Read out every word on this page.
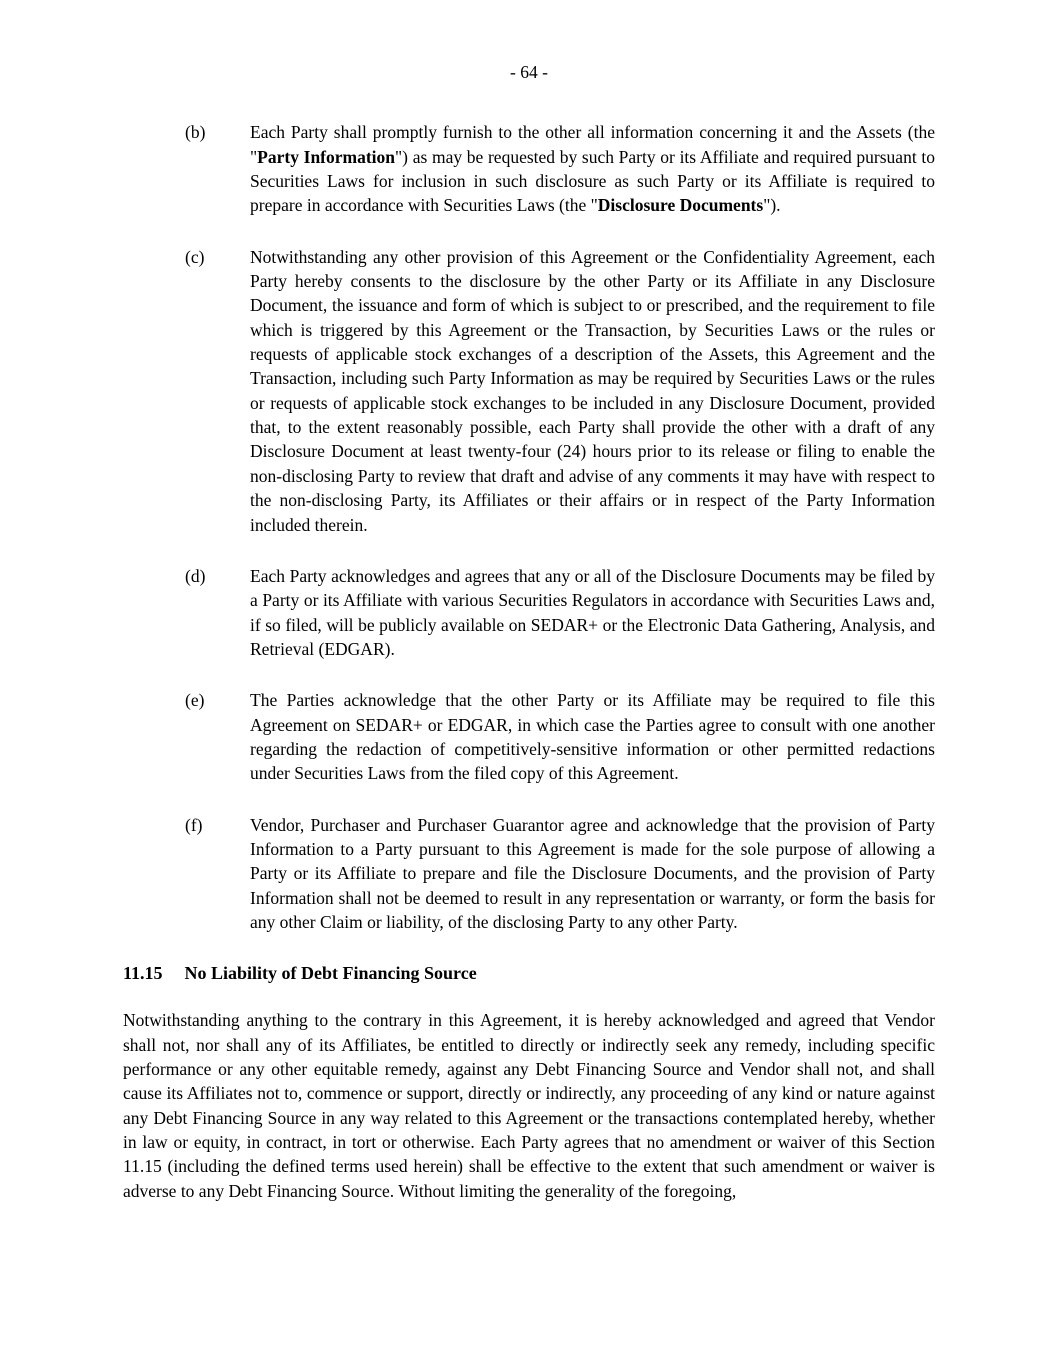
- 64 -
(b)	Each Party shall promptly furnish to the other all information concerning it and the Assets (the "Party Information") as may be requested by such Party or its Affiliate and required pursuant to Securities Laws for inclusion in such disclosure as such Party or its Affiliate is required to prepare in accordance with Securities Laws (the "Disclosure Documents").
(c)	Notwithstanding any other provision of this Agreement or the Confidentiality Agreement, each Party hereby consents to the disclosure by the other Party or its Affiliate in any Disclosure Document, the issuance and form of which is subject to or prescribed, and the requirement to file which is triggered by this Agreement or the Transaction, by Securities Laws or the rules or requests of applicable stock exchanges of a description of the Assets, this Agreement and the Transaction, including such Party Information as may be required by Securities Laws or the rules or requests of applicable stock exchanges to be included in any Disclosure Document, provided that, to the extent reasonably possible, each Party shall provide the other with a draft of any Disclosure Document at least twenty-four (24) hours prior to its release or filing to enable the non-disclosing Party to review that draft and advise of any comments it may have with respect to the non-disclosing Party, its Affiliates or their affairs or in respect of the Party Information included therein.
(d)	Each Party acknowledges and agrees that any or all of the Disclosure Documents may be filed by a Party or its Affiliate with various Securities Regulators in accordance with Securities Laws and, if so filed, will be publicly available on SEDAR+ or the Electronic Data Gathering, Analysis, and Retrieval (EDGAR).
(e)	The Parties acknowledge that the other Party or its Affiliate may be required to file this Agreement on SEDAR+ or EDGAR, in which case the Parties agree to consult with one another regarding the redaction of competitively-sensitive information or other permitted redactions under Securities Laws from the filed copy of this Agreement.
(f)	Vendor, Purchaser and Purchaser Guarantor agree and acknowledge that the provision of Party Information to a Party pursuant to this Agreement is made for the sole purpose of allowing a Party or its Affiliate to prepare and file the Disclosure Documents, and the provision of Party Information shall not be deemed to result in any representation or warranty, or form the basis for any other Claim or liability, of the disclosing Party to any other Party.
11.15 No Liability of Debt Financing Source

Notwithstanding anything to the contrary in this Agreement, it is hereby acknowledged and agreed that Vendor shall not, nor shall any of its Affiliates, be entitled to directly or indirectly seek any remedy, including specific performance or any other equitable remedy, against any Debt Financing Source and Vendor shall not, and shall cause its Affiliates not to, commence or support, directly or indirectly, any proceeding of any kind or nature against any Debt Financing Source in any way related to this Agreement or the transactions contemplated hereby, whether in law or equity, in contract, in tort or otherwise. Each Party agrees that no amendment or waiver of this Section 11.15 (including the defined terms used herein) shall be effective to the extent that such amendment or waiver is adverse to any Debt Financing Source. Without limiting the generality of the foregoing,
